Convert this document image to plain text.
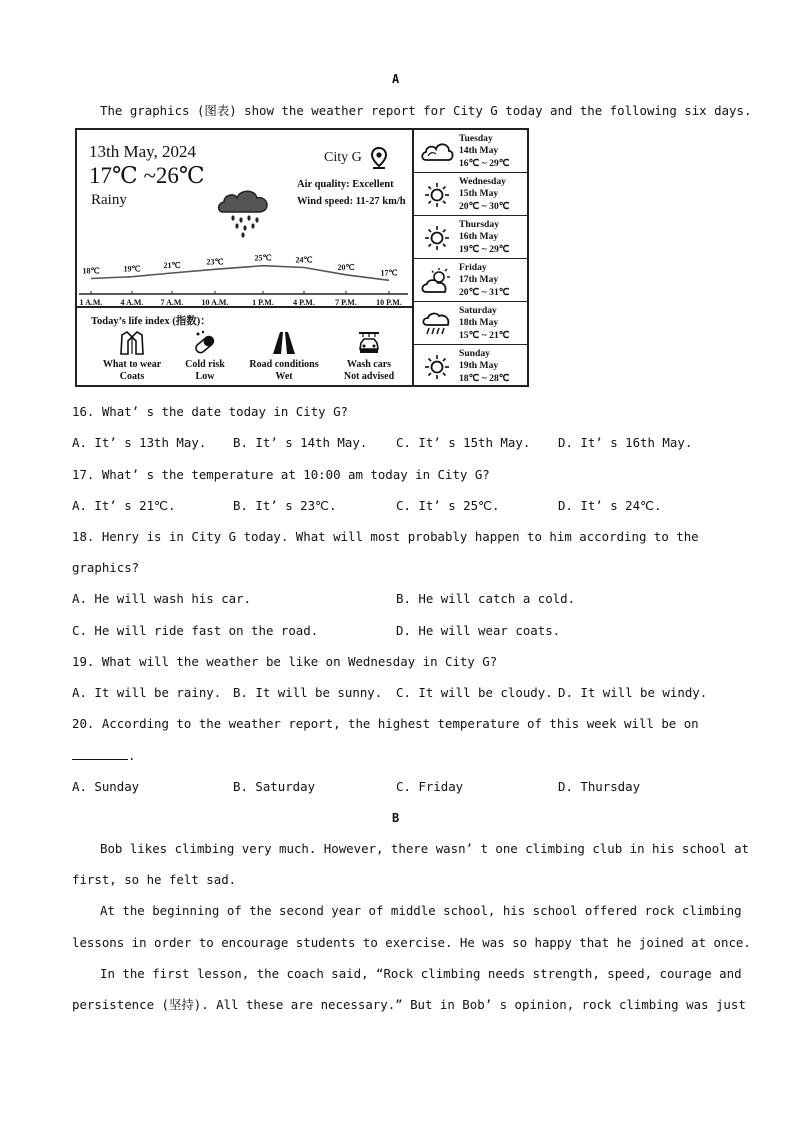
A
The graphics (图表) show the weather report for City G today and the following six days.
13th May, 2024
17℃ ~26℃
Rainy
City G
Air quality: Excellent
Wind speed: 11-27 km/h
18℃
1 A.M.
19℃
4 A.M.
21℃
7 A.M.
23℃
10 A.M.
25℃
1 P.M.
24℃
4 P.M.
20℃
7 P.M.
17℃
10 P.M.
Today’s life index (指数)：
What to wear
Coats
Cold risk
Low
Road conditions
Wet
Wash cars
Not advised
Tuesday
14th May
16℃ ~ 29℃
Wednesday
15th May
20℃ ~ 30℃
Thursday
16th May
19℃ ~ 29℃
Friday
17th May
20℃ ~ 31℃
Saturday
18th May
15℃ ~ 21℃
Sunday
19th May
18℃ ~ 28℃
16. What’ s the date today in City G?
A. It’ s 13th May. B. It’ s 14th May. C. It’ s 15th May. D. It’ s 16th May.
17. What’ s the temperature at 10:00 am today in City G?
A. It’ s 21℃.	B. It’ s 23℃.	C. It’ s 25℃.	D. It’ s 24℃.
18. Henry is in City G today. What will most probably happen to him according to the
graphics?
A. He will wash his car.	B. He will catch a cold.
C. He will ride fast on the road.	D. He will wear coats.
19. What will the weather be like on Wednesday in City G?
A. It will be rainy. B. It will be sunny. C. It will be cloudy. D. It will be windy.
20. According to the weather report, the highest temperature of this week will be on
.
A. Sunday	B. Saturday	C. Friday	D. Thursday
B
Bob likes climbing very much. However, there wasn’ t one climbing club in his school at
first, so he felt sad.
At the beginning of the second year of middle school, his school offered rock climbing
lessons in order to encourage students to exercise. He was so happy that he joined at once.
In the first lesson, the coach said, “Rock climbing needs strength, speed, courage and
persistence (坚持). All these are necessary.” But in Bob’ s opinion, rock climbing was just
